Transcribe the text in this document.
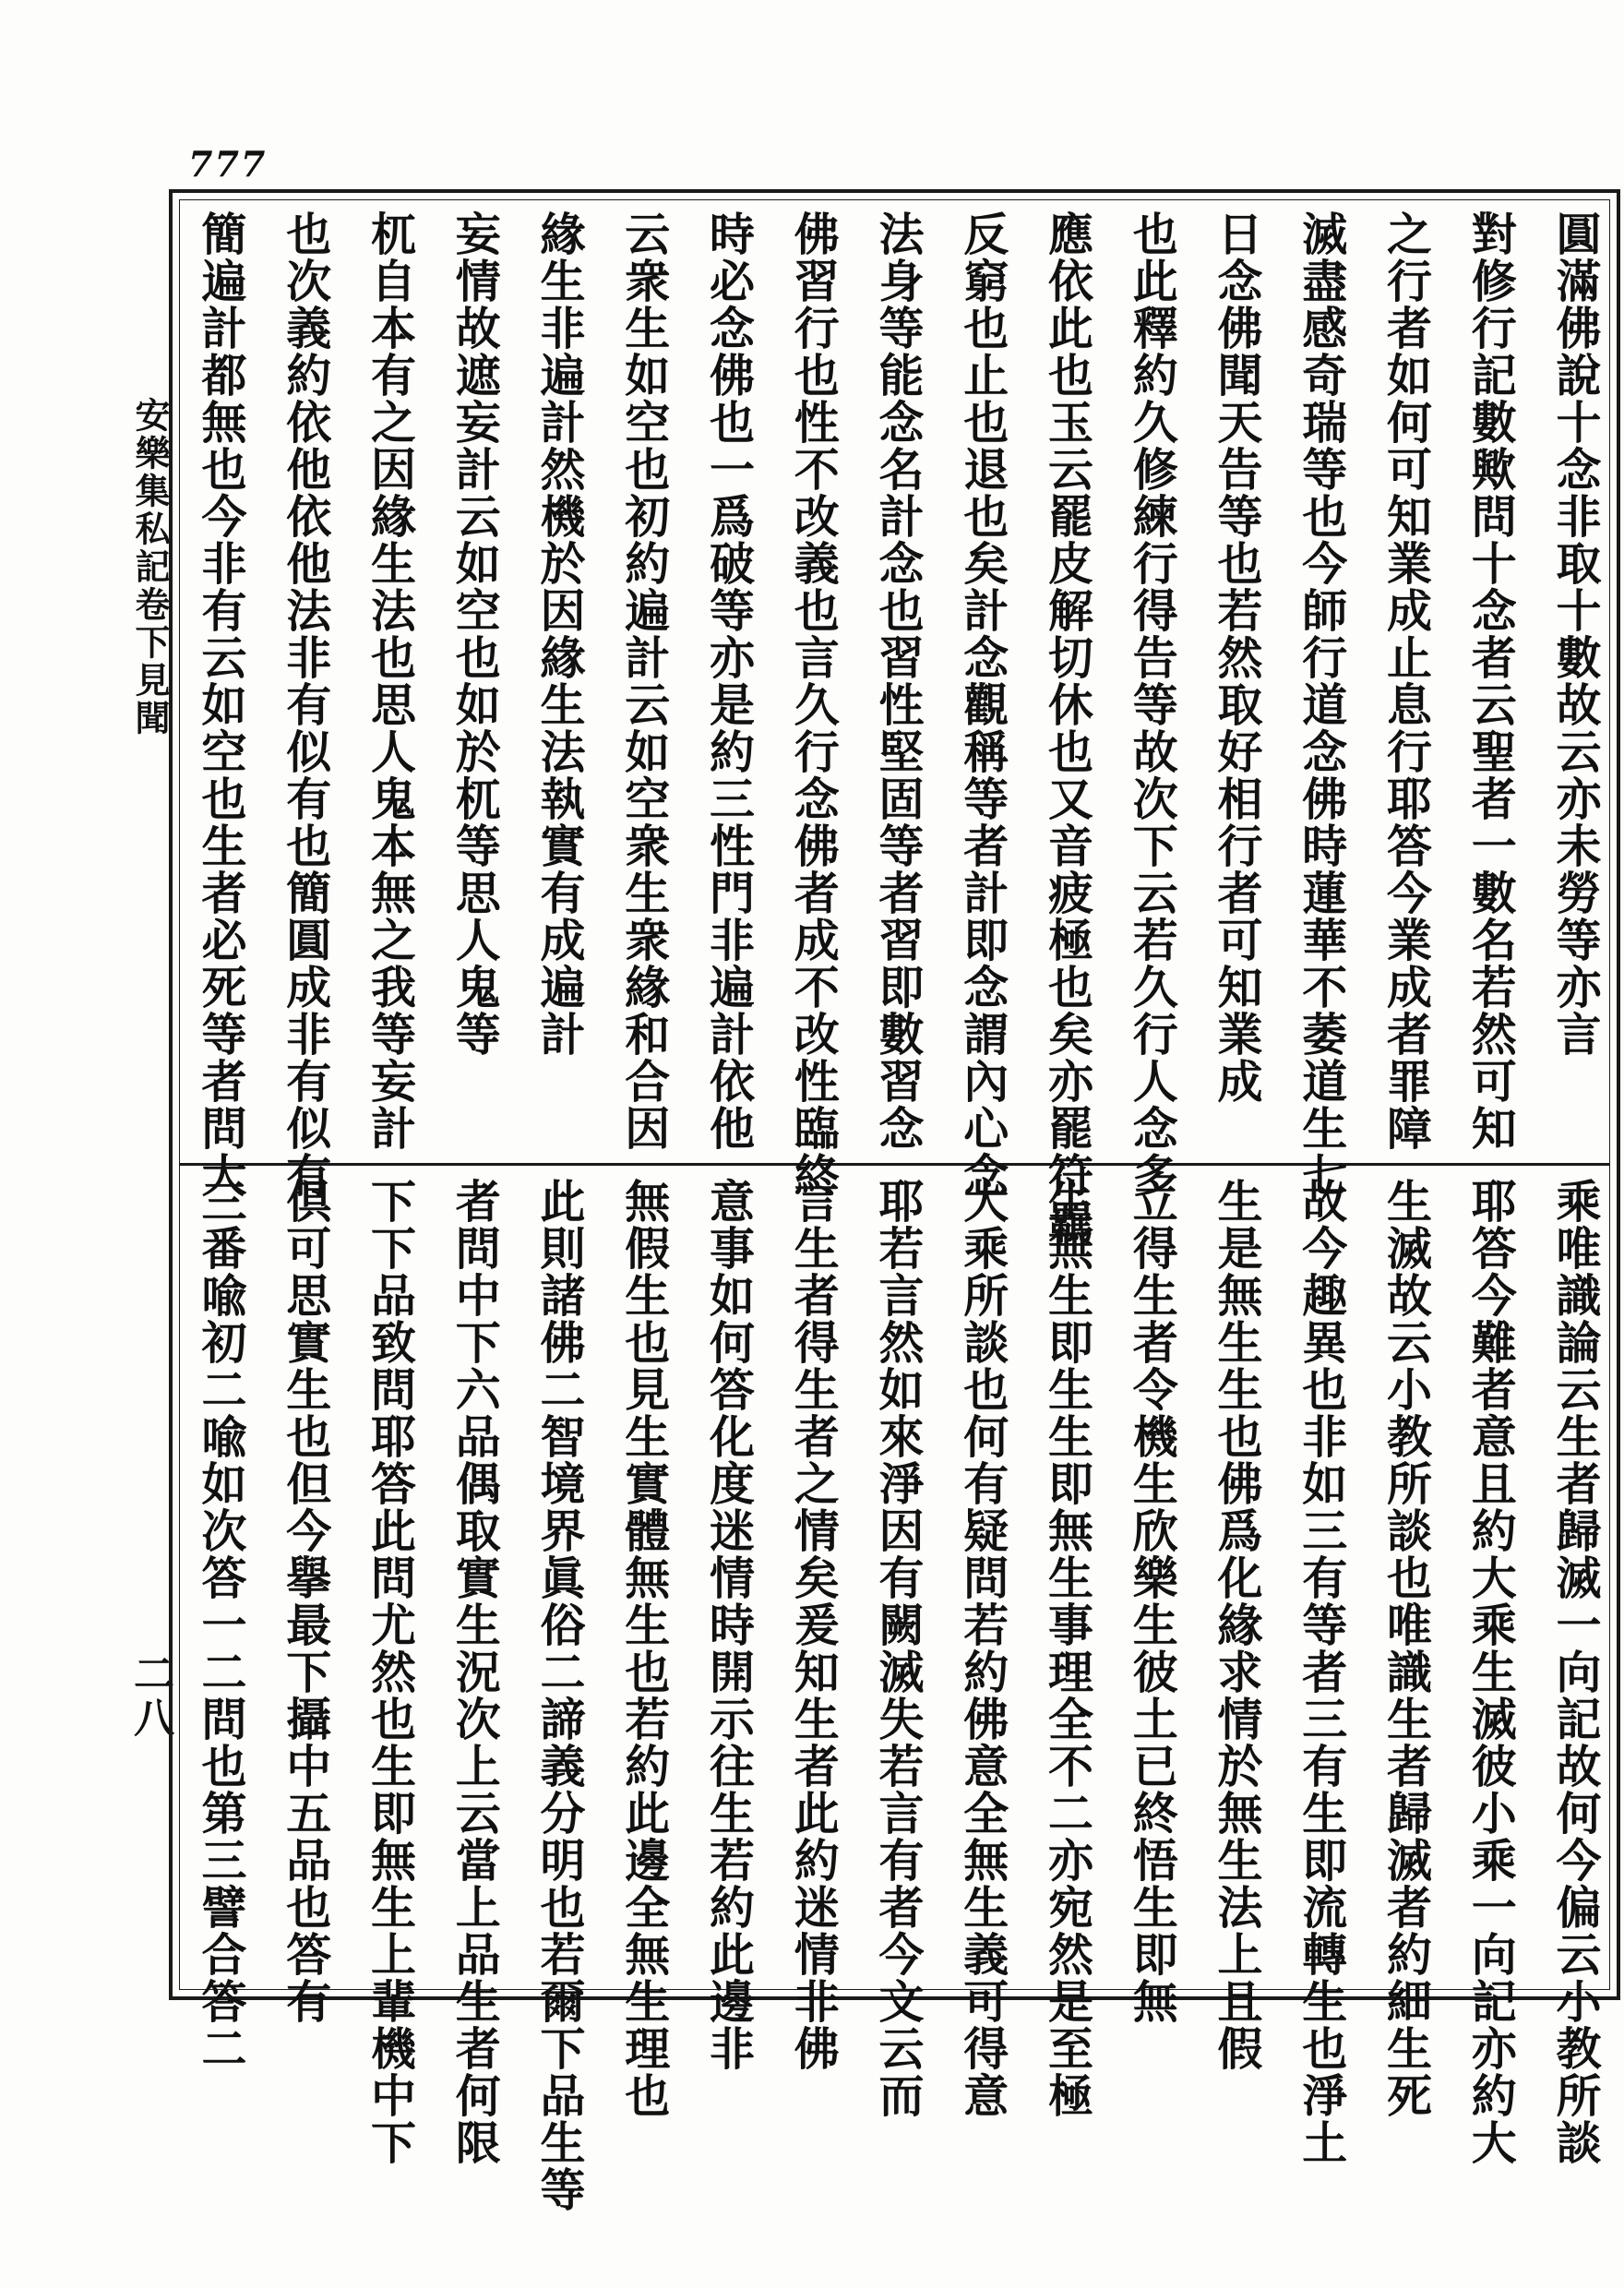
777
安樂集私記卷下見聞
二八
圓滿佛說十念非取十數故云亦未勞等亦言
對修行記數歟問十念者云聖者一數名若然可知
之行者如何可知業成止息行耶答今業成者罪障
滅盡感奇瑞等也今師行道念佛時蓮華不萎道生七
日念佛聞天告等也若然取好相行者可知業成
也此釋約久修練行得告等故次下云若久行人念多
應依此也玉云罷皮解切休也又音疲極也矣亦罷符羈
反窮也止也退也矣計念觀稱等者計即念謂內心念
法身等能念名計念也習性堅固等者習即數習念
佛習行也性不改義也言久行念佛者成不改性臨終
時必念佛也一爲破等亦是約三性門非遍計依他
云衆生如空也初約遍計云如空衆生衆緣和合因
緣生非遍計然機於因緣生法執實有成遍計
妄情故遮妄計云如空也如於杌等思人鬼等
杌自本有之因緣生法也思人鬼本無之我等妄計
也次義約依他依他法非有似有也簡圓成非有似有
簡遍計都無也今非有云如空也生者必死等者問大
乘唯識論云生者歸滅一向記故何今偏云小教所談
耶答今難者意且約大乘生滅彼小乘一向記亦約大
生滅故云小教所談也唯識生者歸滅者約細生死
故今趣異也非如三有等者三有生即流轉生也淨土
生是無生生也佛爲化緣求情於無生法上且假
立得生者令機生欣樂生彼土已終悟生即無
生無生即生生即無生事理全不二亦宛然是至極
大乘所談也何有疑問若約佛意全無生義可得意
耶若言然如來淨因有闕滅失若言有者今文云而
言生者得生者之情矣爰知生者此約迷情非佛
意事如何答化度迷情時開示往生若約此邊非
無假生也見生實體無生也若約此邊全無生理也
此則諸佛二智境界眞俗二諦義分明也若爾下品生等
者問中下六品偶取實生況次上云當上品生者何限
下下品致問耶答此問尤然也生即無生上輩機中下
倶可思實生也但今擧最下攝中五品也答有
三番喩初二喩如次答一二問也第三譬合答二
